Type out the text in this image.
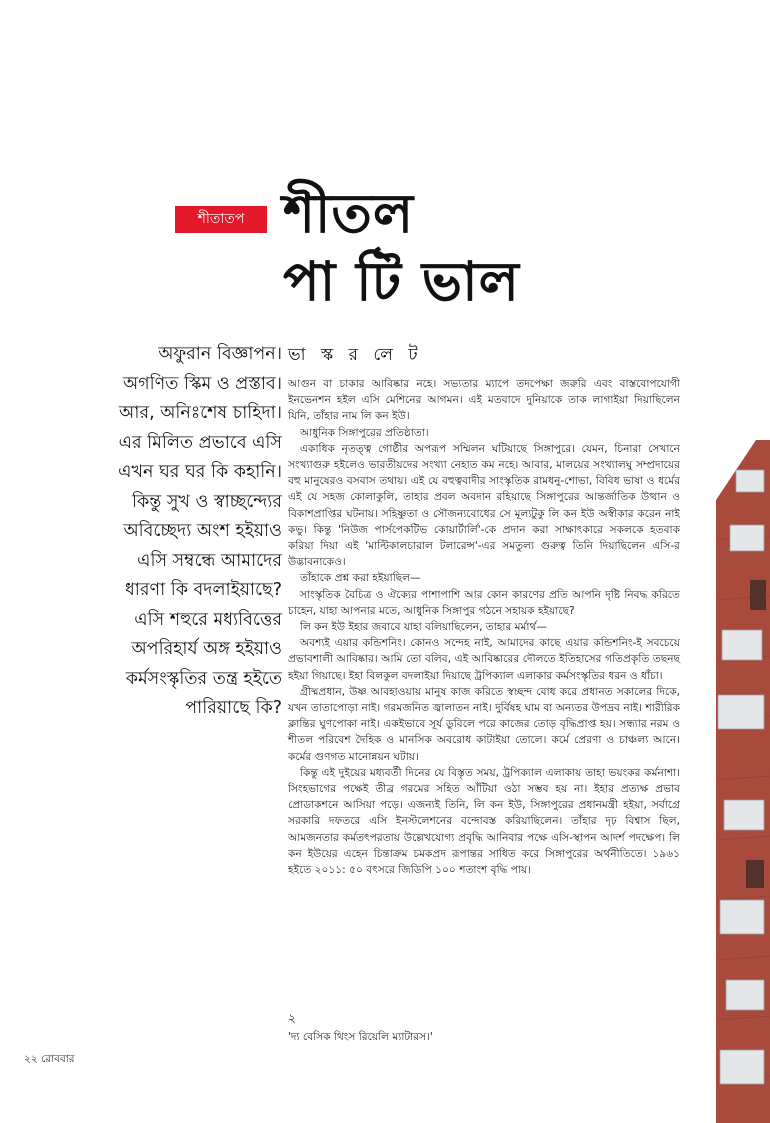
শীতাতপ শীতল
পা টি ভাল
অফুরান বিজ্ঞাপন।
অগণিত স্কিম ও প্রস্তাব।
আর, অনিঃশেষ চাহিদা।
এর মিলিত প্রভাবে এসি
এখন ঘর ঘর কি কহানি।
কিন্তু সুখ ও স্বাচ্ছন্দ্যের
অবিচ্ছেদ্য অংশ হইয়াও
এসি সম্বন্ধে আমাদের
ধারণা কি বদলাইয়াছে?
এসি শহুরে মধ্যবিত্তের
অপরিহার্য অঙ্গ হইয়াও
কর্মসংস্কৃতির তন্ত্র হইতে
পারিয়াছে কি?
ভা স্ক র লে ট

আগুন বা চাকার আবিষ্কার নহে। সভ্যতার ম্যাপে তদপেক্ষা জরুরি এবং বাস্তবোপযোগী ইনভেনশন হইল এসি মেশিনের আগমন। এই মতবাদে দুনিয়াকে তাক লাগাইয়া দিয়াছিলেন যিনি, তাঁহার নাম লি কন ইউ।

আধুনিক সিঙ্গাপুরের প্রতিষ্ঠাতা।

একাধিক নৃতত্ত্ব গোষ্ঠীর অপরূপ সম্মিলন ঘটিয়াছে সিঙ্গাপুরে। যেমন, চিনারা সেখানে সংখ্যাগুরু হইলেও ভারতীয়দের সংখ্যা নেহাত কম নহে। আবার, মালয়ের সংখ্যালঘু সম্প্রদায়ের বহু মানুষেরও বসবাস তথায়। এই যে বহুত্ববাদীর সাংস্কৃতিক রামধনু-শোভা, বিবিধ ভাষা ও ধর্মের এই যে সহজ কোলাকুলি, তাহার প্রবল অবদান রহিয়াছে সিঙ্গাপুরের আন্তর্জাতিক উত্থান ও বিকাশপ্রাপ্তির ঘটনায়। সহিষ্ণুতা ও সৌজন্যবোধের সে মূল্যটুকু লি কন ইউ অস্বীকার করেন নাই কভু। কিন্তু 'নিউজ পার্সপেকটিভ কোয়ার্টার্লি'-কে প্রদান করা সাক্ষাৎকারে সকলকে হতবাক করিয়া দিয়া এই 'মাল্টিকালচারাল টলারেন্স'-এর সমতুল্য গুরুত্ব তিনি দিয়াছিলেন এসি-র উদ্ভাবনাকেও।

তাঁহাকে প্রশ্ন করা হইয়াছিল—

সাংস্কৃতিক বৈচিত্র ও ঐক্যের পাশাপাশি আর কোন কারণের প্রতি আপনি দৃষ্টি নিবদ্ধ করিতে চাহেন, যাহা আপনার মতে, আধুনিক সিঙ্গাপুর গঠনে সহায়ক হইয়াছে?

লি কন ইউ ইহার জবাবে যাহা বলিয়াছিলেন, তাহার মর্মার্থ—

অবশ্যই এয়ার কন্ডিশনিং। কোনও সন্দেহ নাই, আমাদের কাছে এয়ার কন্ডিশনিং-ই সবচেয়ে প্রভাবশালী আবিষ্কার। আমি তো বলিব, এই আবিষ্কারের দৌলতে ইতিহাসের গতিপ্রকৃতি তছনছ হইয়া গিয়াছে। ইহা বিলকুল বদলাইয়া দিয়াছে ট্রপিক্যাল এলাকার কর্মসংস্কৃতির ধরন ও ধাঁচা।

গ্রীষ্মপ্রধান, উষ্ণ আবহাওয়ায় মানুষ কাজ করিতে স্বচ্ছন্দ বোধ করে প্রধানত সকালের দিকে, যখন তাতাপোড়া নাই। গরমজনিত জ্বালাতন নাই। দুর্বিষহ ঘাম বা অন্যতর উপদ্রব নাই। শারীরিক ক্লান্তির ঘুণপোকা নাই। একইভাবে সূর্য ডুবিলে পরে কাজের তোড় বৃদ্ধিপ্রাপ্ত হয়। সন্ধ্যার নরম ও শীতল পরিবেশ দৈহিক ও মানসিক অবরোধ কাটাইয়া তোলে। কর্মে প্রেরণা ও চাঞ্চল্য আনে। কর্মের গুণগত মানোন্নয়ন ঘটায়।

কিন্তু এই দুইয়ের মধ্যবর্তী দিনের যে বিস্তৃত সময়, ট্রপিক্যাল এলাকায় তাহা ভয়ংকর কর্মনাশা। সিংহভাগের পক্ষেই তীব্র গরমের সহিত আঁটিয়া ওঠা সম্ভব হয় না। ইহার প্রত্যক্ষ প্রভাব প্রোডাকশনে আসিয়া পড়ে। এজন্যই তিনি, লি কন ইউ, সিঙ্গাপুরের প্রধানমন্ত্রী হইয়া, সর্বাগ্রে সরকারি দফতরে এসি ইনস্টলেশনের বন্দোবস্ত করিয়াছিলেন। তাঁহার দৃঢ় বিশ্বাস ছিল, আমজনতার কর্মতৎপরতায় উল্লেখযোগ্য প্রবৃদ্ধি আনিবার পক্ষে এসি-স্থাপন আদর্শ পদক্ষেপ। লি কন ইউয়ের এহেন চিন্তাক্রম চমকপ্রদ রূপান্তর সাধিত করে সিঙ্গাপুরের অর্থনীতিতে। ১৯৬১ হইতে ২০১১: ৫০ বৎসরে জিডিপি ১০০ শতাংশ বৃদ্ধি পায়।

২
'দ্য বেসিক থিংস রিয়েলি ম্যাটারস।'
২২ রোববার
